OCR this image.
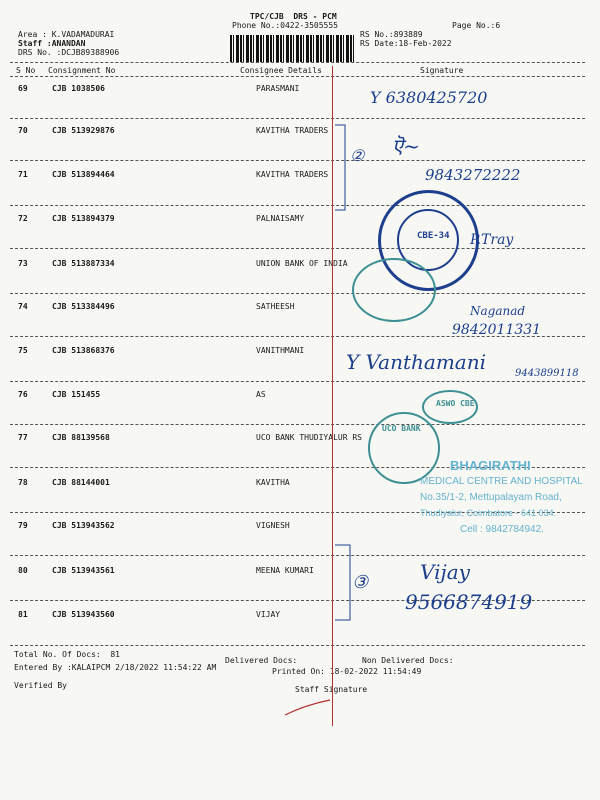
TPC/CJB  DRS - PCM
Phone No.:0422-3505555	Page No.:6
Area : K.VADAMADURAI
Staff :ANANDAN
DRS No. :DCJB89388906
RS No.:893889
RS Date:18-Feb-2022
S No Consignment No	Consignee Details	Signature
69	CJB 1038506	PARASMANI
70	CJB 513929876	KAVITHA TRADERS
71	CJB 513894464	KAVITHA TRADERS
72	CJB 513894379	PALNAISAMY
73	CJB 513887334	UNION BANK OF INDIA
74	CJB 513384496	SATHEESH
75	CJB 513868376	VANITHMANI
76	CJB 151455	AS
77	CJB 88139568	UCO BANK THUDIYALUR RS
78	CJB 88144001	KAVITHA
79	CJB 513943562	VIGNESH
80	CJB 513943561	MEENA KUMARI
81	CJB 513943560	VIJAY
Total No. Of Docs:  81
Delivered Docs:	Non Delivered Docs:
Entered By :KALAIPCM 2/18/2022 11:54:22 AM	Printed On: 18-02-2022 11:54:49
Verified By	Staff Signature
Y 6380425720
② ऎ‌~
9843272222
P.Tray
Naganad
9842011331
Y Vanthamani	9443899118
③	Vijay
9566874919
CBE-34
ASWO CBE
UCO BANK
BHAGIRATHI
MEDICAL CENTRE AND HOSPITAL
No.35/1-2, Mettupalayam Road,
Thudiyalur, Coimbatore - 641 034.
Cell : 9842784942.
